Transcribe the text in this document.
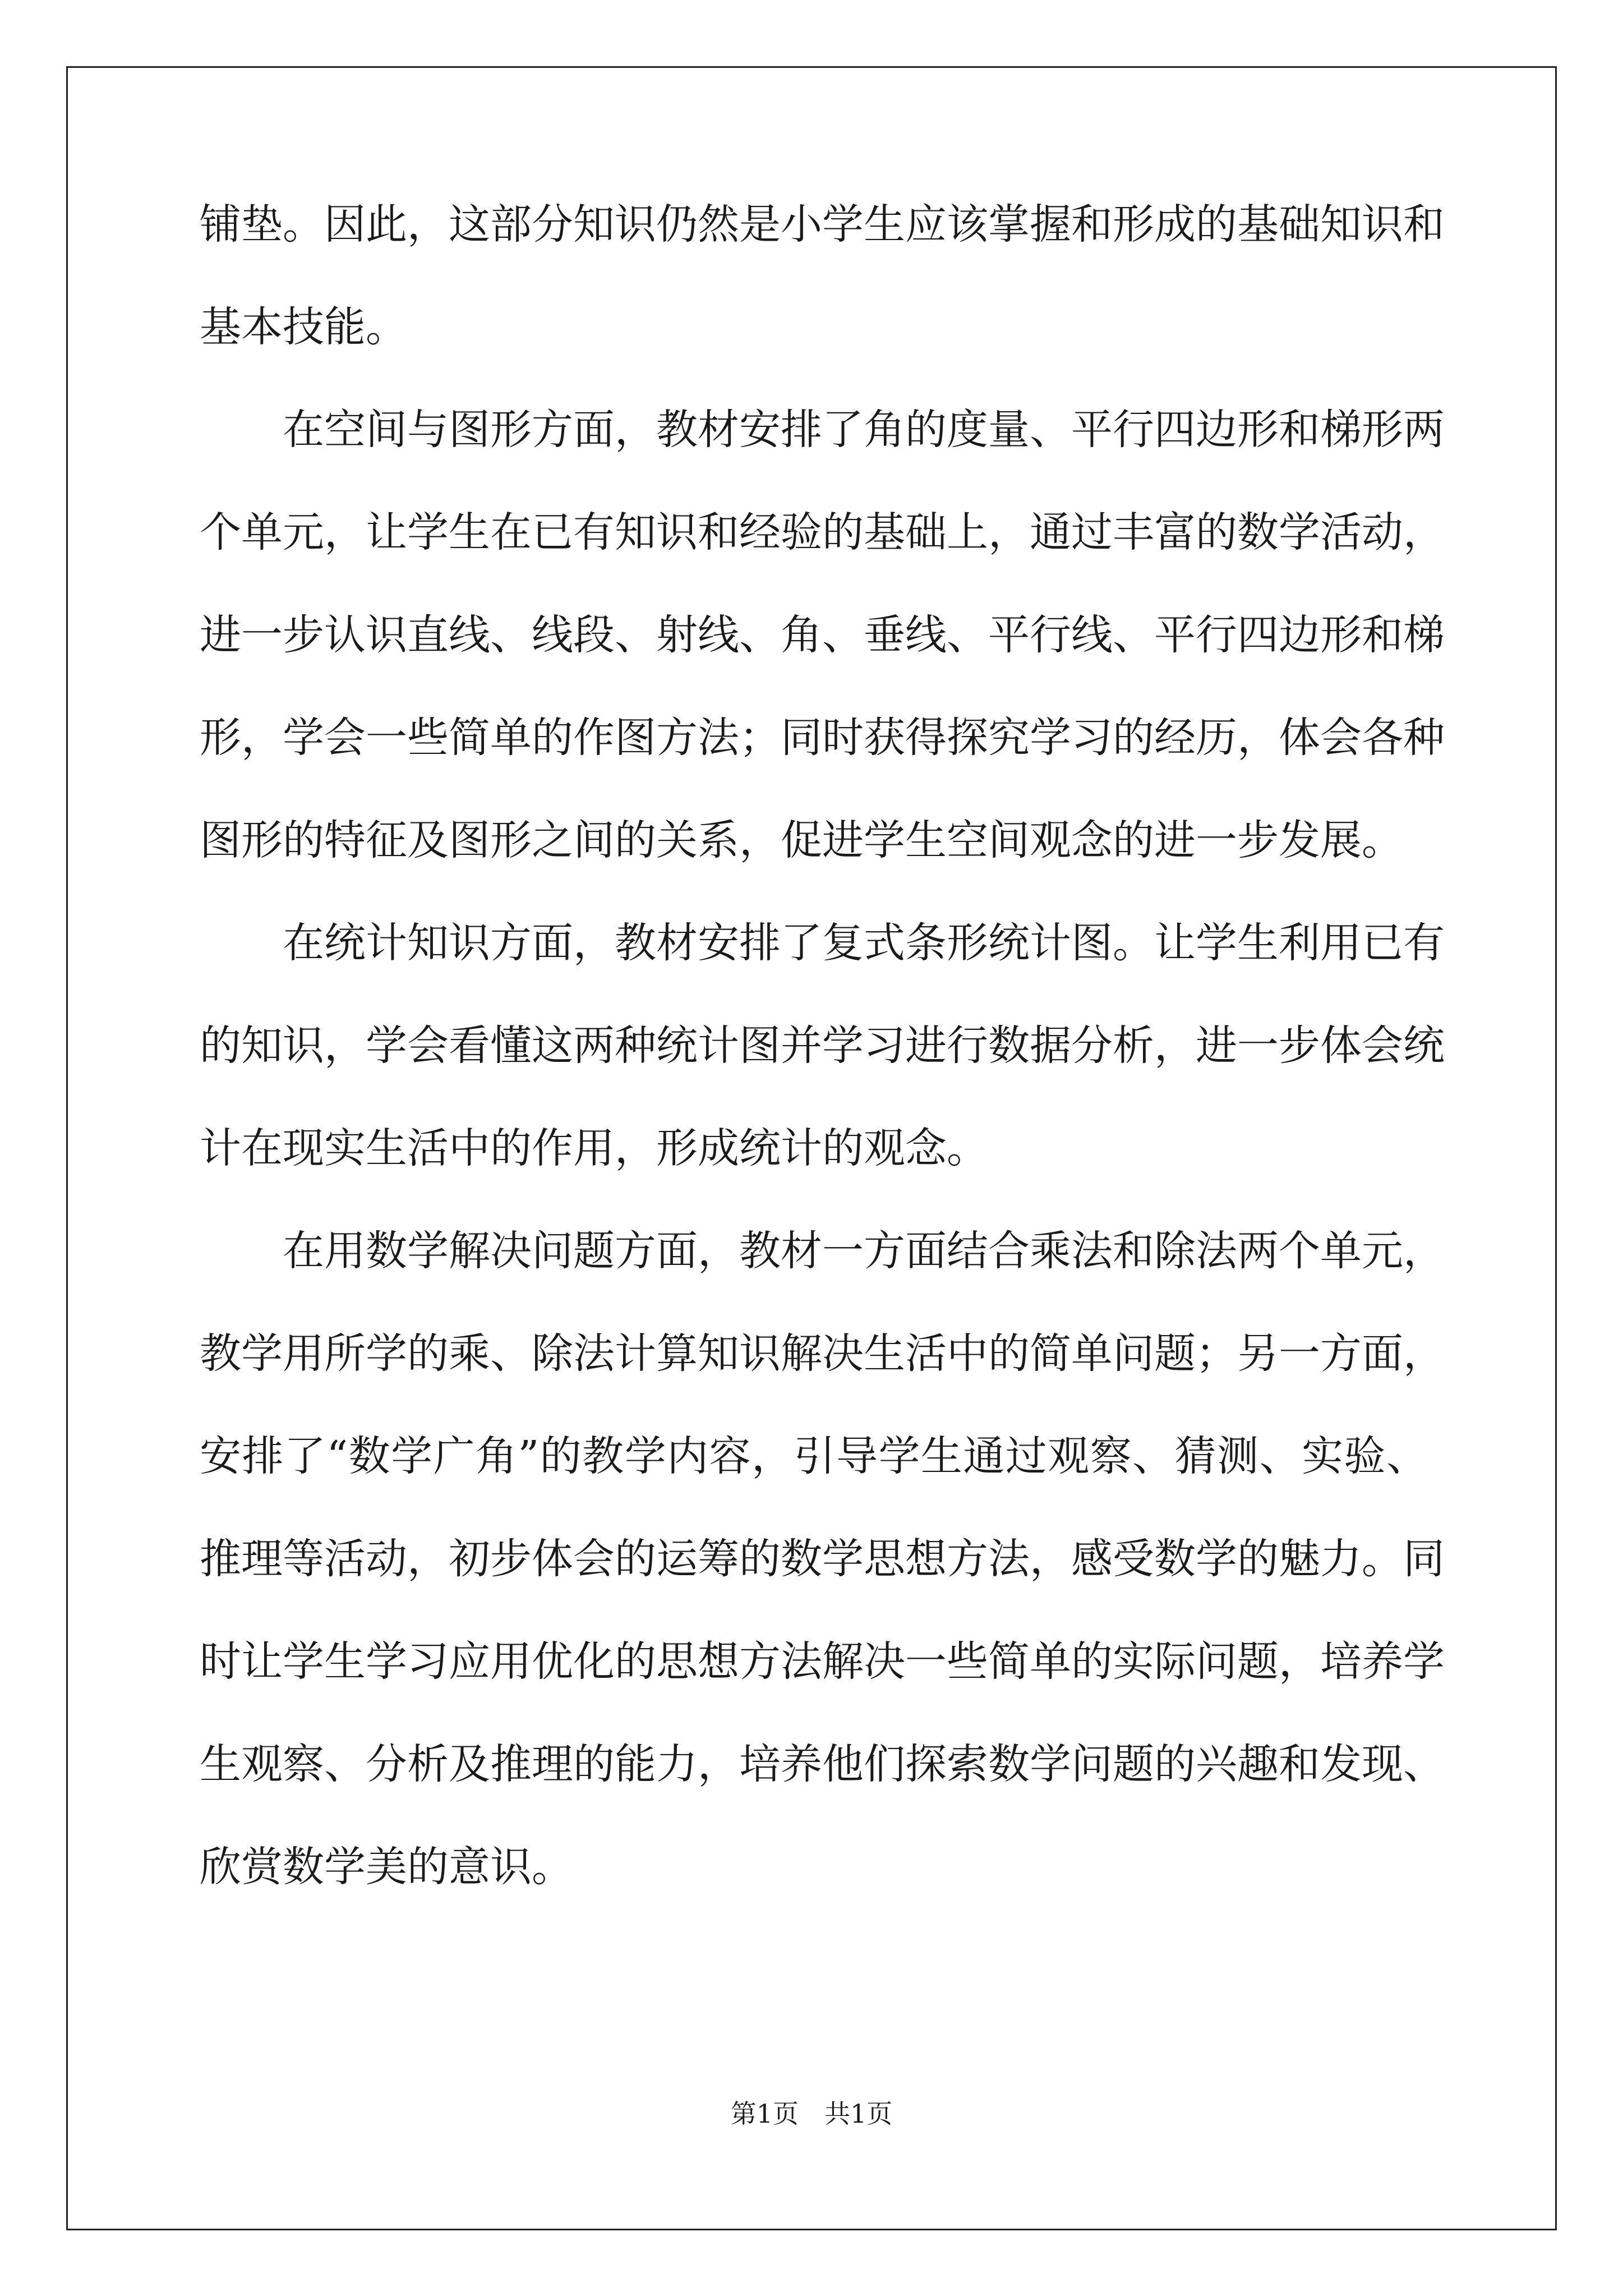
铺垫。因此，这部分知识仍然是小学生应该掌握和形成的基础知识和
基本技能。
在空间与图形方面，教材安排了角的度量、平行四边形和梯形两
个单元，让学生在已有知识和经验的基础上，通过丰富的数学活动，
进一步认识直线、线段、射线、角、垂线、平行线、平行四边形和梯
形，学会一些简单的作图方法；同时获得探究学习的经历，体会各种
图形的特征及图形之间的关系，促进学生空间观念的进一步发展。
在统计知识方面，教材安排了复式条形统计图。让学生利用已有
的知识，学会看懂这两种统计图并学习进行数据分析，进一步体会统
计在现实生活中的作用，形成统计的观念。
在用数学解决问题方面，教材一方面结合乘法和除法两个单元，
教学用所学的乘、除法计算知识解决生活中的简单问题；另一方面，
安排了“数学广角”的教学内容，引导学生通过观察、猜测、实验、
推理等活动，初步体会的运筹的数学思想方法，感受数学的魅力。同
时让学生学习应用优化的思想方法解决一些简单的实际问题，培养学
生观察、分析及推理的能力，培养他们探索数学问题的兴趣和发现、
欣赏数学美的意识。
第1页　共1页
